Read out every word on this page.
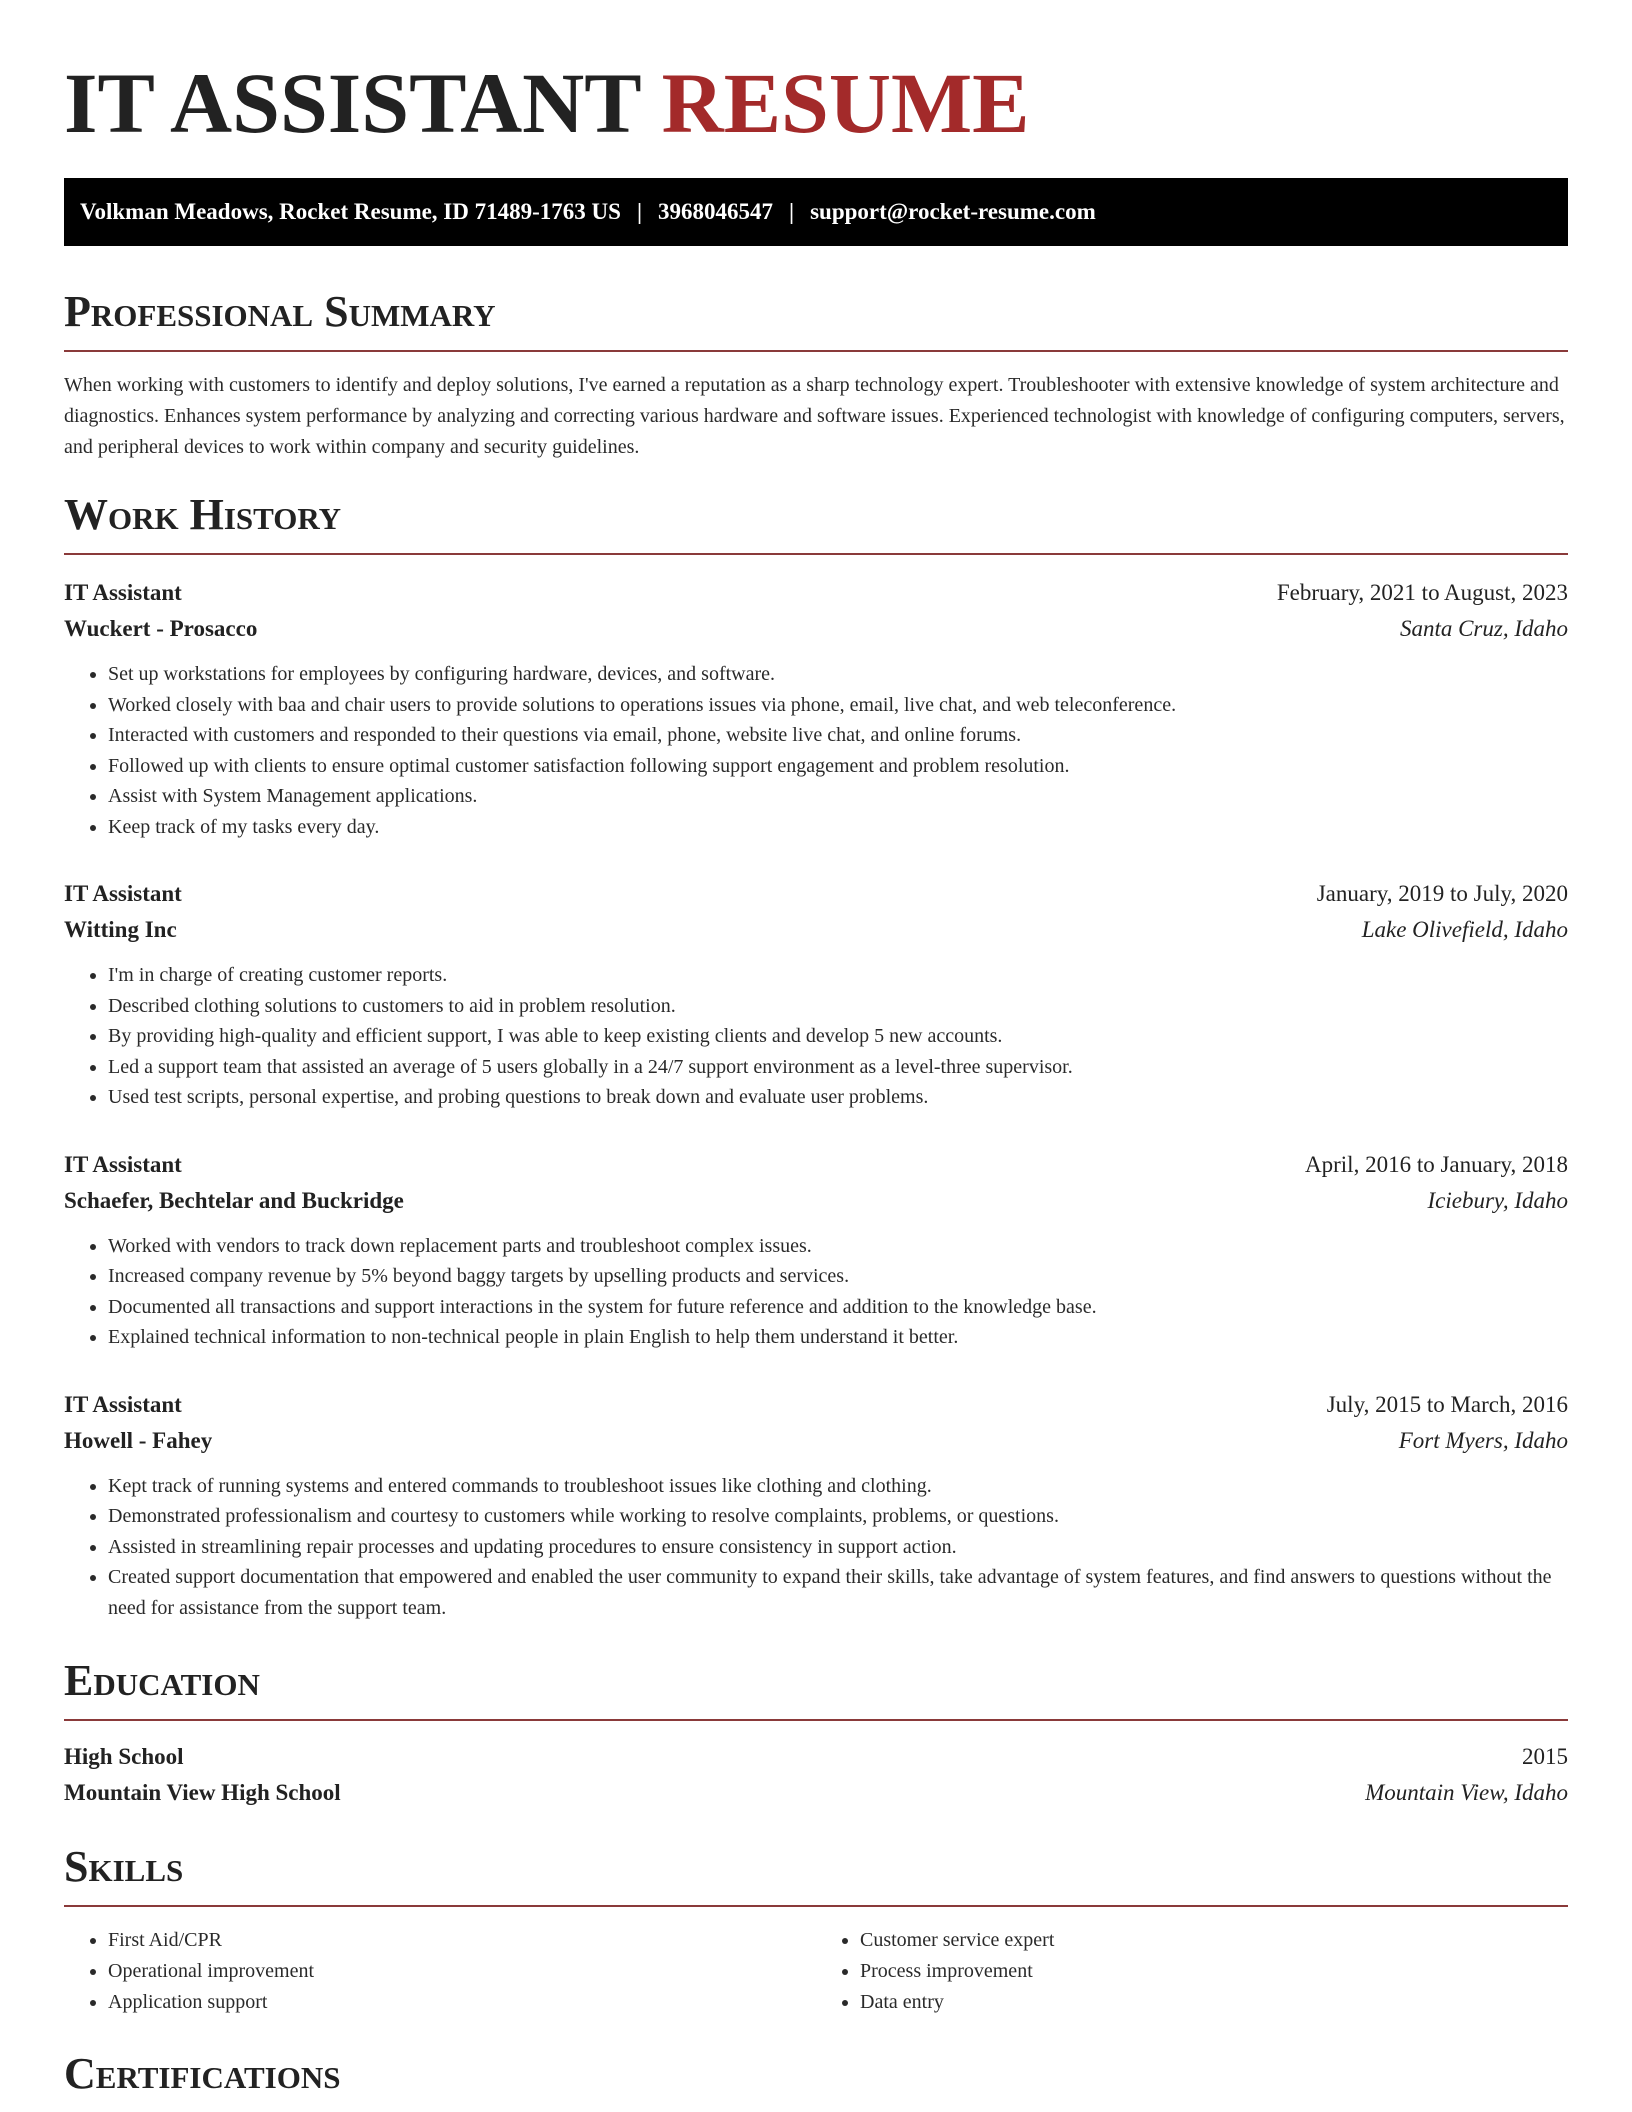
IT ASSISTANT RESUME
Volkman Meadows, Rocket Resume, ID 71489-1763 US | 3968046547 | support@rocket-resume.com
Professional Summary

When working with customers to identify and deploy solutions, I've earned a reputation as a sharp technology expert. Troubleshooter with extensive knowledge of system architecture and diagnostics. Enhances system performance by analyzing and correcting various hardware and software issues. Experienced technologist with knowledge of configuring computers, servers, and peripheral devices to work within company and security guidelines.

Work History
IT Assistant	February, 2021 to August, 2023
Wuckert - Prosacco	Santa Cruz, Idaho
• Set up workstations for employees by configuring hardware, devices, and software.
• Worked closely with baa and chair users to provide solutions to operations issues via phone, email, live chat, and web teleconference.
• Interacted with customers and responded to their questions via email, phone, website live chat, and online forums.
• Followed up with clients to ensure optimal customer satisfaction following support engagement and problem resolution.
• Assist with System Management applications.
• Keep track of my tasks every day.
IT Assistant	January, 2019 to July, 2020
Witting Inc	Lake Olivefield, Idaho
• I'm in charge of creating customer reports.
• Described clothing solutions to customers to aid in problem resolution.
• By providing high-quality and efficient support, I was able to keep existing clients and develop 5 new accounts.
• Led a support team that assisted an average of 5 users globally in a 24/7 support environment as a level-three supervisor.
• Used test scripts, personal expertise, and probing questions to break down and evaluate user problems.
IT Assistant	April, 2016 to January, 2018
Schaefer, Bechtelar and Buckridge	Iciebury, Idaho
• Worked with vendors to track down replacement parts and troubleshoot complex issues.
• Increased company revenue by 5% beyond baggy targets by upselling products and services.
• Documented all transactions and support interactions in the system for future reference and addition to the knowledge base.
• Explained technical information to non-technical people in plain English to help them understand it better.
IT Assistant	July, 2015 to March, 2016
Howell - Fahey	Fort Myers, Idaho
• Kept track of running systems and entered commands to troubleshoot issues like clothing and clothing.
• Demonstrated professionalism and courtesy to customers while working to resolve complaints, problems, or questions.
• Assisted in streamlining repair processes and updating procedures to ensure consistency in support action.
• Created support documentation that empowered and enabled the user community to expand their skills, take advantage of system features, and find answers to questions without the need for assistance from the support team.
Education
High School	2015
Mountain View High School	Mountain View, Idaho
Skills
• First Aid/CPR
• Operational improvement
• Application support
• Customer service expert
• Process improvement
• Data entry
Certifications
